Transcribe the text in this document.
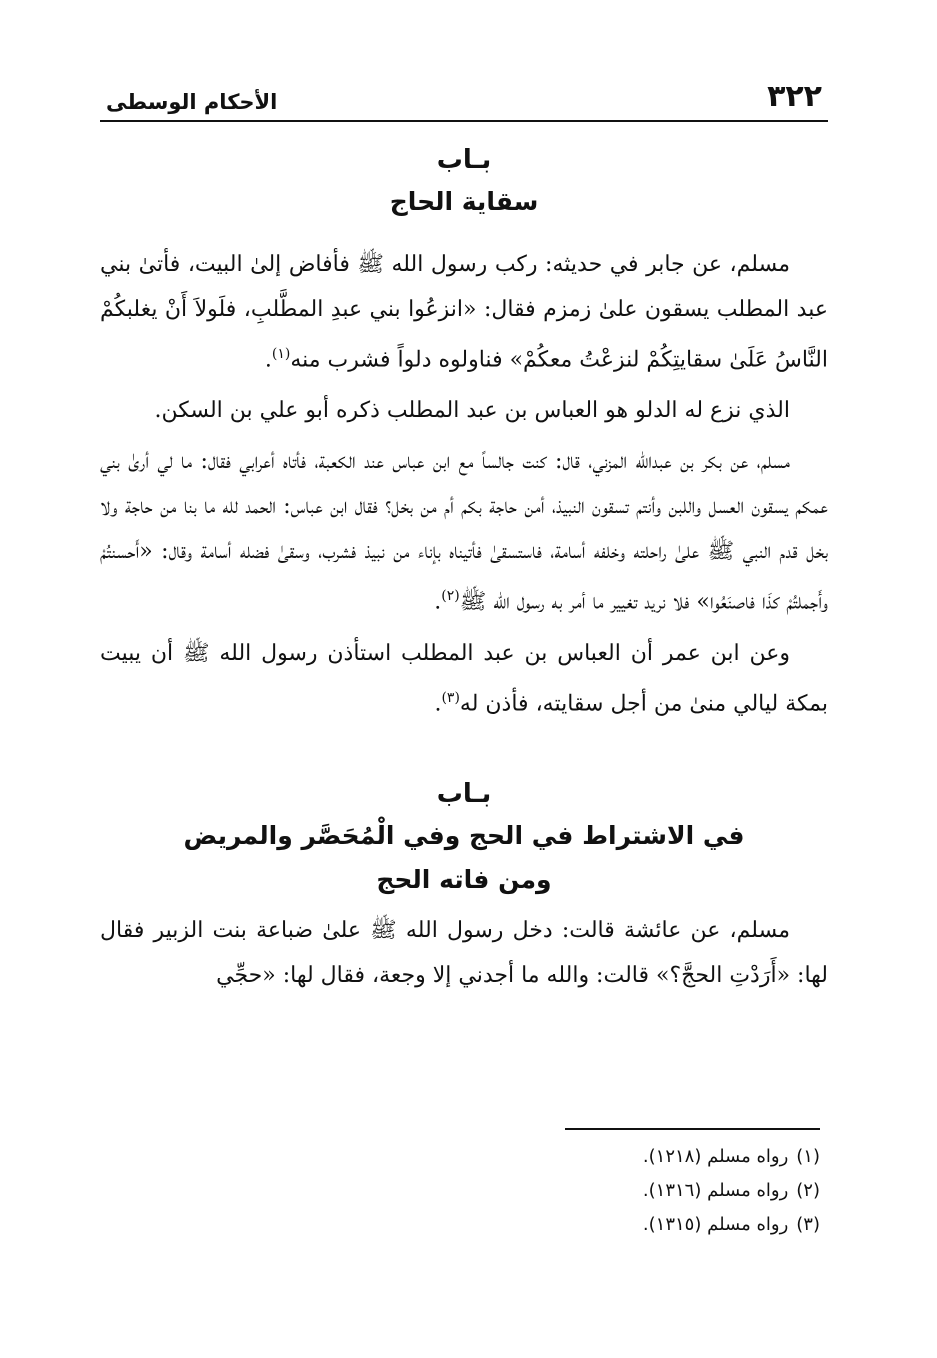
٣٢٢
الأحكام الوسطى
بـاب
سقاية الحاج

مسلم، عن جابر في حديثه: ركب رسول الله ﷺ فأفاض إلىٰ البيت، فأتىٰ بني عبد المطلب يسقون علىٰ زمزم فقال: «انزعُوا بني عبدِ المطَّلبِ، فلَولاَ أَنْ يغلبكُمْ النَّاسُ عَلَىٰ سقايتِكُمْ لنزعْتُ معكُمْ» فناولوه دلواً فشرب منه$^{(١)}$.

الذي نزع له الدلو هو العباس بن عبد المطلب ذكره أبو علي بن السكن.

مسلم، عن بكر بن عبدالله المزني، قال: كنت جالساً مع ابن عباس عند الكعبة، فأتاه أعرابي فقال: ما لي أرىٰ بني عمكم يسقون العسل واللبن وأنتم تسقون النبيذ، أمن حاجة بكم أم من بخل؟ فقال ابن عباس: الحمد لله ما بنا من حاجة ولا بخل قدم النبي ﷺ علىٰ راحلته وخلفه أسامة، فاستسقىٰ فأتيناه بإناء من نبيذ فشرب، وسقىٰ فضله أسامة وقال: «أَحسنتُمْ وأَجملتُمْ كذَا فاصنَعُوا» فلا نريد تغيير ما أمر به رسول الله ﷺ$^{(٢)}$.

وعن ابن عمر أن العباس بن عبد المطلب استأذن رسول الله ﷺ أن يبيت بمكة ليالي منىٰ من أجل سقايته، فأذن له$^{(٣)}$.

بـاب
في الاشتراط في الحج وفي الْمُحَصَّر والمريض
ومن فاته الحج

مسلم، عن عائشة قالت: دخل رسول الله ﷺ علىٰ ضباعة بنت الزبير فقال لها: «أَرَدْتِ الحجَّ؟» قالت: والله ما أجدني إلا وجعة، فقال لها: «حجِّي

(١)رواه مسلم (١٢١٨).
(٢)رواه مسلم (١٣١٦).
(٣)رواه مسلم (١٣١٥).
